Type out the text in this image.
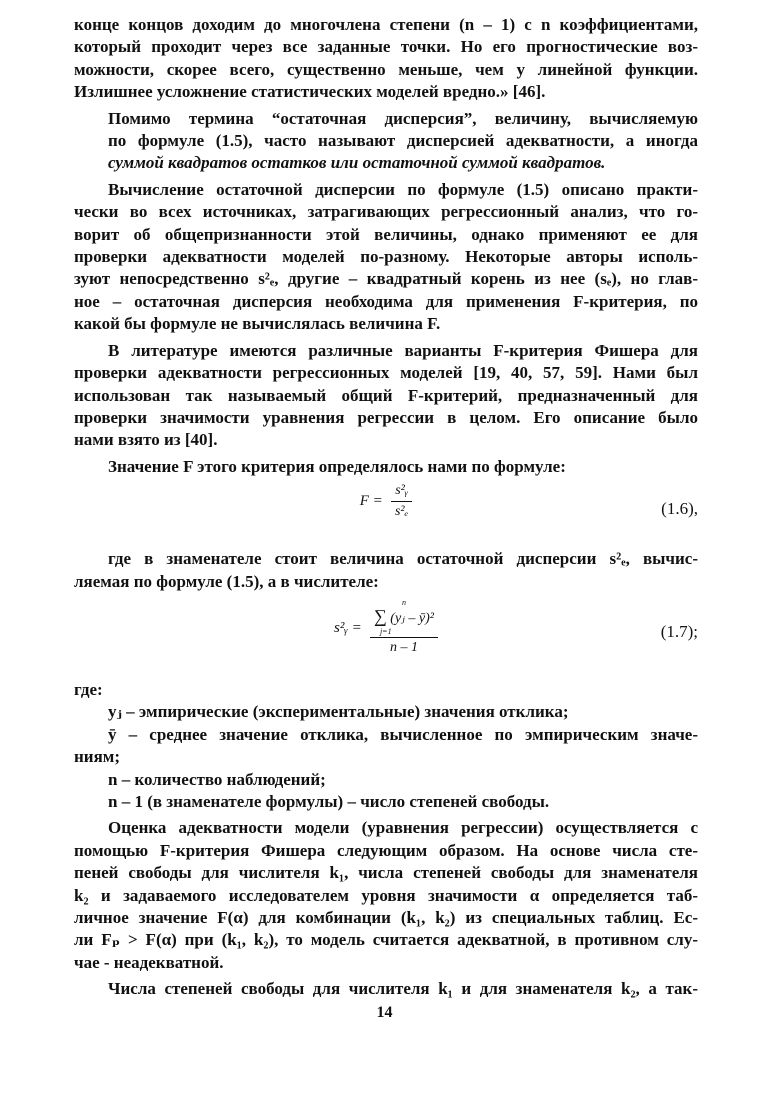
конце концов доходим до многочлена степени (n – 1) с n коэффициентами,
который проходит через все заданные точки. Но его прогностические воз-
можности, скорее всего, существенно меньше, чем у линейной функции.
Излишнее усложнение статистических моделей вредно.» [46].
Помимо термина “остаточная дисперсия”, величину, вычисляемую
по формуле (1.5), часто называют дисперсией адекватности, а иногда
суммой квадратов остатков или остаточной суммой квадратов.
Вычисление остаточной дисперсии по формуле (1.5) описано практи-
чески во всех источниках, затрагивающих регрессионный анализ, что го-
ворит об общепризнанности этой величины, однако применяют ее для
проверки адекватности моделей по-разному. Некоторые авторы исполь-
зуют непосредственно s²ₑ, другие – квадратный корень из нее (sₑ), но глав-
ное – остаточная дисперсия необходима для применения F-критерия, по
какой бы формуле не вычислялась величина F.
В литературе имеются различные варианты F-критерия Фишера для
проверки адекватности регрессионных моделей [19, 40, 57, 59]. Нами был
использован так называемый общий F-критерий, предназначенный для
проверки значимости уравнения регрессии в целом. Его описание было
нами взято из [40].
Значение F этого критерия определялось нами по формуле:
$F = \frac{\text{s²ᵧ}}{\text{s²ₑ}}$	(1.6),
где в знаменателе стоит величина остаточной дисперсии s²ₑ, вычис-
ляемая по формуле (1.5), а в числителе:
s²ᵧ = n
∑ (yⱼ – ȳ)²
j=1
n – 1	(1.7);
где:
yⱼ – эмпирические (экспериментальные) значения отклика;
ȳ – среднее значение отклика, вычисленное по эмпирическим значе-
ниям;
n – количество наблюдений;
n – 1 (в знаменателе формулы) – число степеней свободы.
Оценка адекватности модели (уравнения регрессии) осуществляется с
помощью F-критерия Фишера следующим образом. На основе числа сте-
пеней свободы для числителя k₁, числа степеней свободы для знаменателя
k₂ и задаваемого исследователем уровня значимости α определяется таб-
личное значение F(α) для комбинации (k₁, k₂) из специальных таблиц. Ес-
ли Fₚ > F(α) при (k₁, k₂), то модель считается адекватной, в противном слу-
чае - неадекватной.
Числа степеней свободы для числителя k₁ и для знаменателя k₂, а так-
14
